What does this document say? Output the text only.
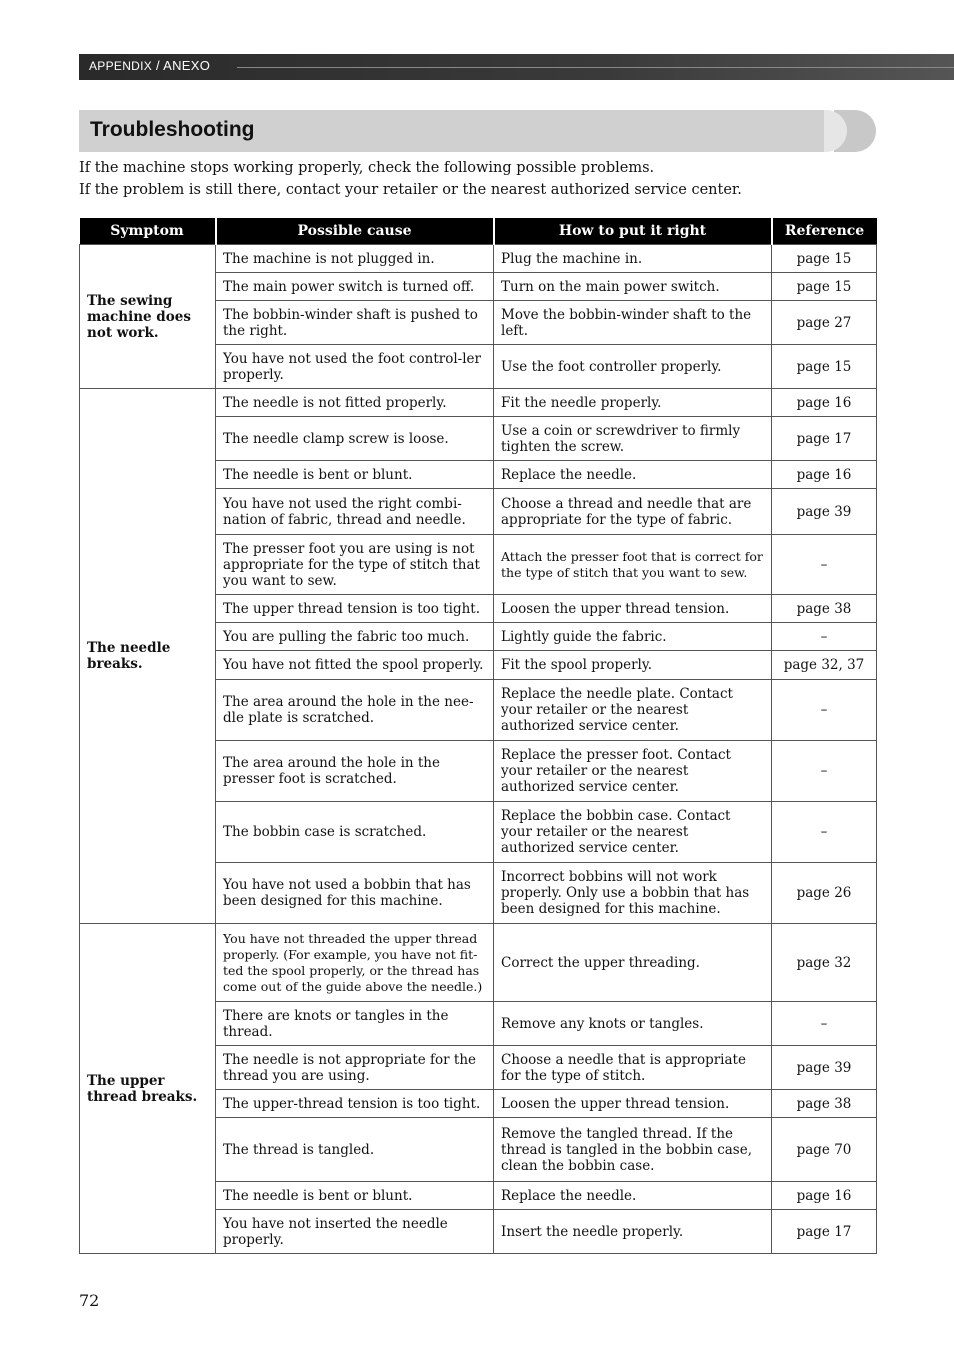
APPENDIX / ANEXO
Troubleshooting
If the machine stops working properly, check the following possible problems.
If the problem is still there, contact your retailer or the nearest authorized service center.
Symptom	Possible cause	How to put it right	Reference
The sewing machine does not work.	The machine is not plugged in.	Plug the machine in.	page 15
	The main power switch is turned off.	Turn on the main power switch.	page 15
	The bobbin-winder shaft is pushed to the right.	Move the bobbin-winder shaft to the left.	page 27
	You have not used the foot control-ler properly.	Use the foot controller properly.	page 15
The needle breaks.	The needle is not fitted properly.	Fit the needle properly.	page 16
	The needle clamp screw is loose.	Use a coin or screwdriver to firmly tighten the screw.	page 17
	The needle is bent or blunt.	Replace the needle.	page 16
	You have not used the right combi-nation of fabric, thread and needle.	Choose a thread and needle that are appropriate for the type of fabric.	page 39
	The presser foot you are using is not appropriate for the type of stitch that you want to sew.	Attach the presser foot that is correct for the type of stitch that you want to sew.	–
	The upper thread tension is too tight.	Loosen the upper thread tension.	page 38
	You are pulling the fabric too much.	Lightly guide the fabric.	–
	You have not fitted the spool properly.	Fit the spool properly.	page 32, 37
	The area around the hole in the nee-dle plate is scratched.	Replace the needle plate. Contact your retailer or the nearest authorized service center.	–
	The area around the hole in the presser foot is scratched.	Replace the presser foot. Contact your retailer or the nearest authorized service center.	–
	The bobbin case is scratched.	Replace the bobbin case. Contact your retailer or the nearest authorized service center.	–
	You have not used a bobbin that has been designed for this machine.	Incorrect bobbins will not work properly. Only use a bobbin that has been designed for this machine.	page 26
The upper thread breaks.	You have not threaded the upper thread properly. (For example, you have not fit-ted the spool properly, or the thread has come out of the guide above the needle.)	Correct the upper threading.	page 32
	There are knots or tangles in the thread.	Remove any knots or tangles.	–
	The needle is not appropriate for the thread you are using.	Choose a needle that is appropriate for the type of stitch.	page 39
	The upper-thread tension is too tight.	Loosen the upper thread tension.	page 38
	The thread is tangled.	Remove the tangled thread. If the thread is tangled in the bobbin case, clean the bobbin case.	page 70
	The needle is bent or blunt.	Replace the needle.	page 16
	You have not inserted the needle properly.	Insert the needle properly.	page 17
72
